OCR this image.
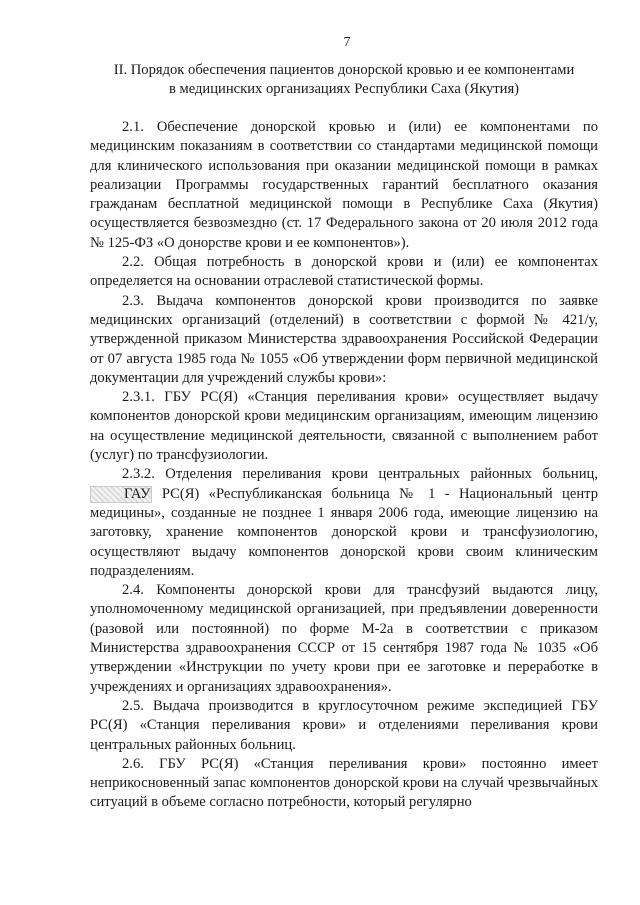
7
II. Порядок обеспечения пациентов донорской кровью и ее компонентами
в медицинских организациях Республики Саха (Якутия)

2.1. Обеспечение донорской кровью и (или) ее компонентами по медицинским показаниям в соответствии со стандартами медицинской помощи для клинического использования при оказании медицинской помощи в рамках реализации Программы государственных гарантий бесплатного оказания гражданам бесплатной медицинской помощи в Республике Саха (Якутия) осуществляется безвозмездно (ст. 17 Федерального закона от 20 июля 2012 года № 125-ФЗ «О донорстве крови и ее компонентов»).

2.2. Общая потребность в донорской крови и (или) ее компонентах определяется на основании отраслевой статистической формы.

2.3. Выдача компонентов донорской крови производится по заявке медицинских организаций (отделений) в соответствии с формой № 421/у, утвержденной приказом Министерства здравоохранения Российской Федерации от 07 августа 1985 года № 1055 «Об утверждении форм первичной медицинской документации для учреждений службы крови»:

2.3.1. ГБУ РС(Я) «Станция переливания крови» осуществляет выдачу компонентов донорской крови медицинским организациям, имеющим лицензию на осуществление медицинской деятельности, связанной с выполнением работ (услуг) по трансфузиологии.

2.3.2. Отделения переливания крови центральных районных больниц, ГАУ РС(Я) «Республиканская больница № 1 - Национальный центр медицины», созданные не позднее 1 января 2006 года, имеющие лицензию на заготовку, хранение компонентов донорской крови и трансфузиологию, осуществляют выдачу компонентов донорской крови своим клиническим подразделениям.

2.4. Компоненты донорской крови для трансфузий выдаются лицу, уполномоченному медицинской организацией, при предъявлении доверенности (разовой или постоянной) по форме М-2а в соответствии с приказом Министерства здравоохранения СССР от 15 сентября 1987 года № 1035 «Об утверждении «Инструкции по учету крови при ее заготовке и переработке в учреждениях и организациях здравоохранения».

2.5. Выдача производится в круглосуточном режиме экспедицией ГБУ РС(Я) «Станция переливания крови» и отделениями переливания крови центральных районных больниц.

2.6. ГБУ РС(Я) «Станция переливания крови» постоянно имеет неприкосновенный запас компонентов донорской крови на случай чрезвычайных ситуаций в объеме согласно потребности, который регулярно
